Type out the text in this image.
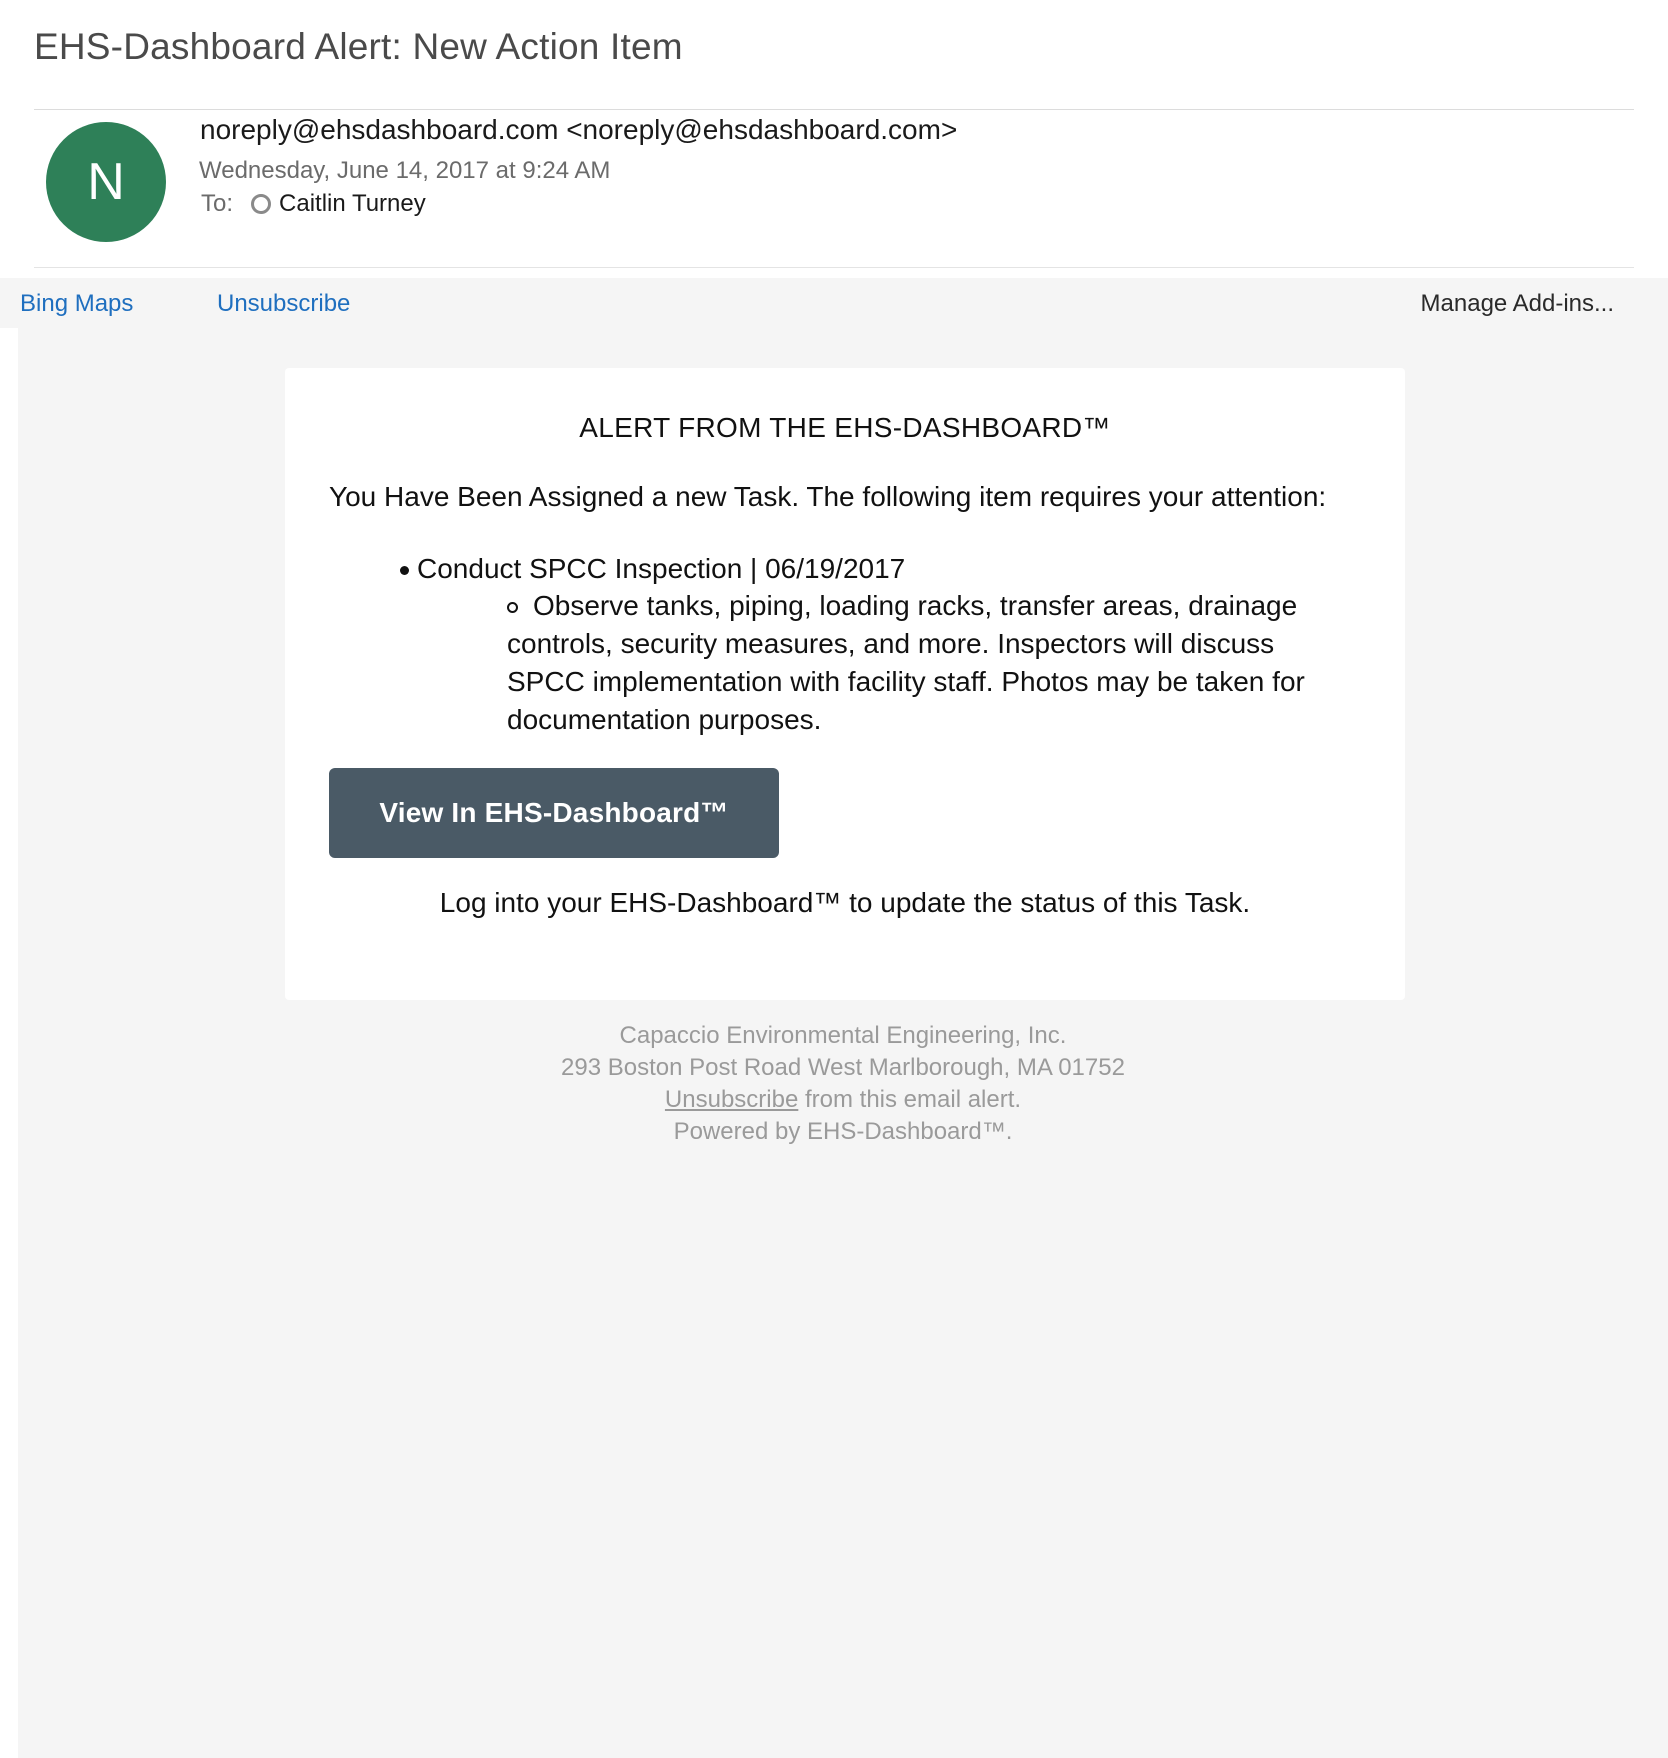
EHS-Dashboard Alert: New Action Item
N
noreply@ehsdashboard.com <noreply@ehsdashboard.com>
Wednesday, June 14, 2017 at 9:24 AM
To: Caitlin Turney
Bing Maps	Unsubscribe	Manage Add-ins...
ALERT FROM THE EHS-DASHBOARD™
You Have Been Assigned a new Task. The following item requires your attention:
Conduct SPCC Inspection | 06/19/2017
Observe tanks, piping, loading racks, transfer areas, drainage controls, security measures, and more. Inspectors will discuss SPCC implementation with facility staff. Photos may be taken for documentation purposes.
View In EHS-Dashboard™
Log into your EHS-Dashboard™ to update the status of this Task.
Capaccio Environmental Engineering, Inc.
293 Boston Post Road West Marlborough, MA 01752
Unsubscribe from this email alert.
Powered by EHS-Dashboard™.
